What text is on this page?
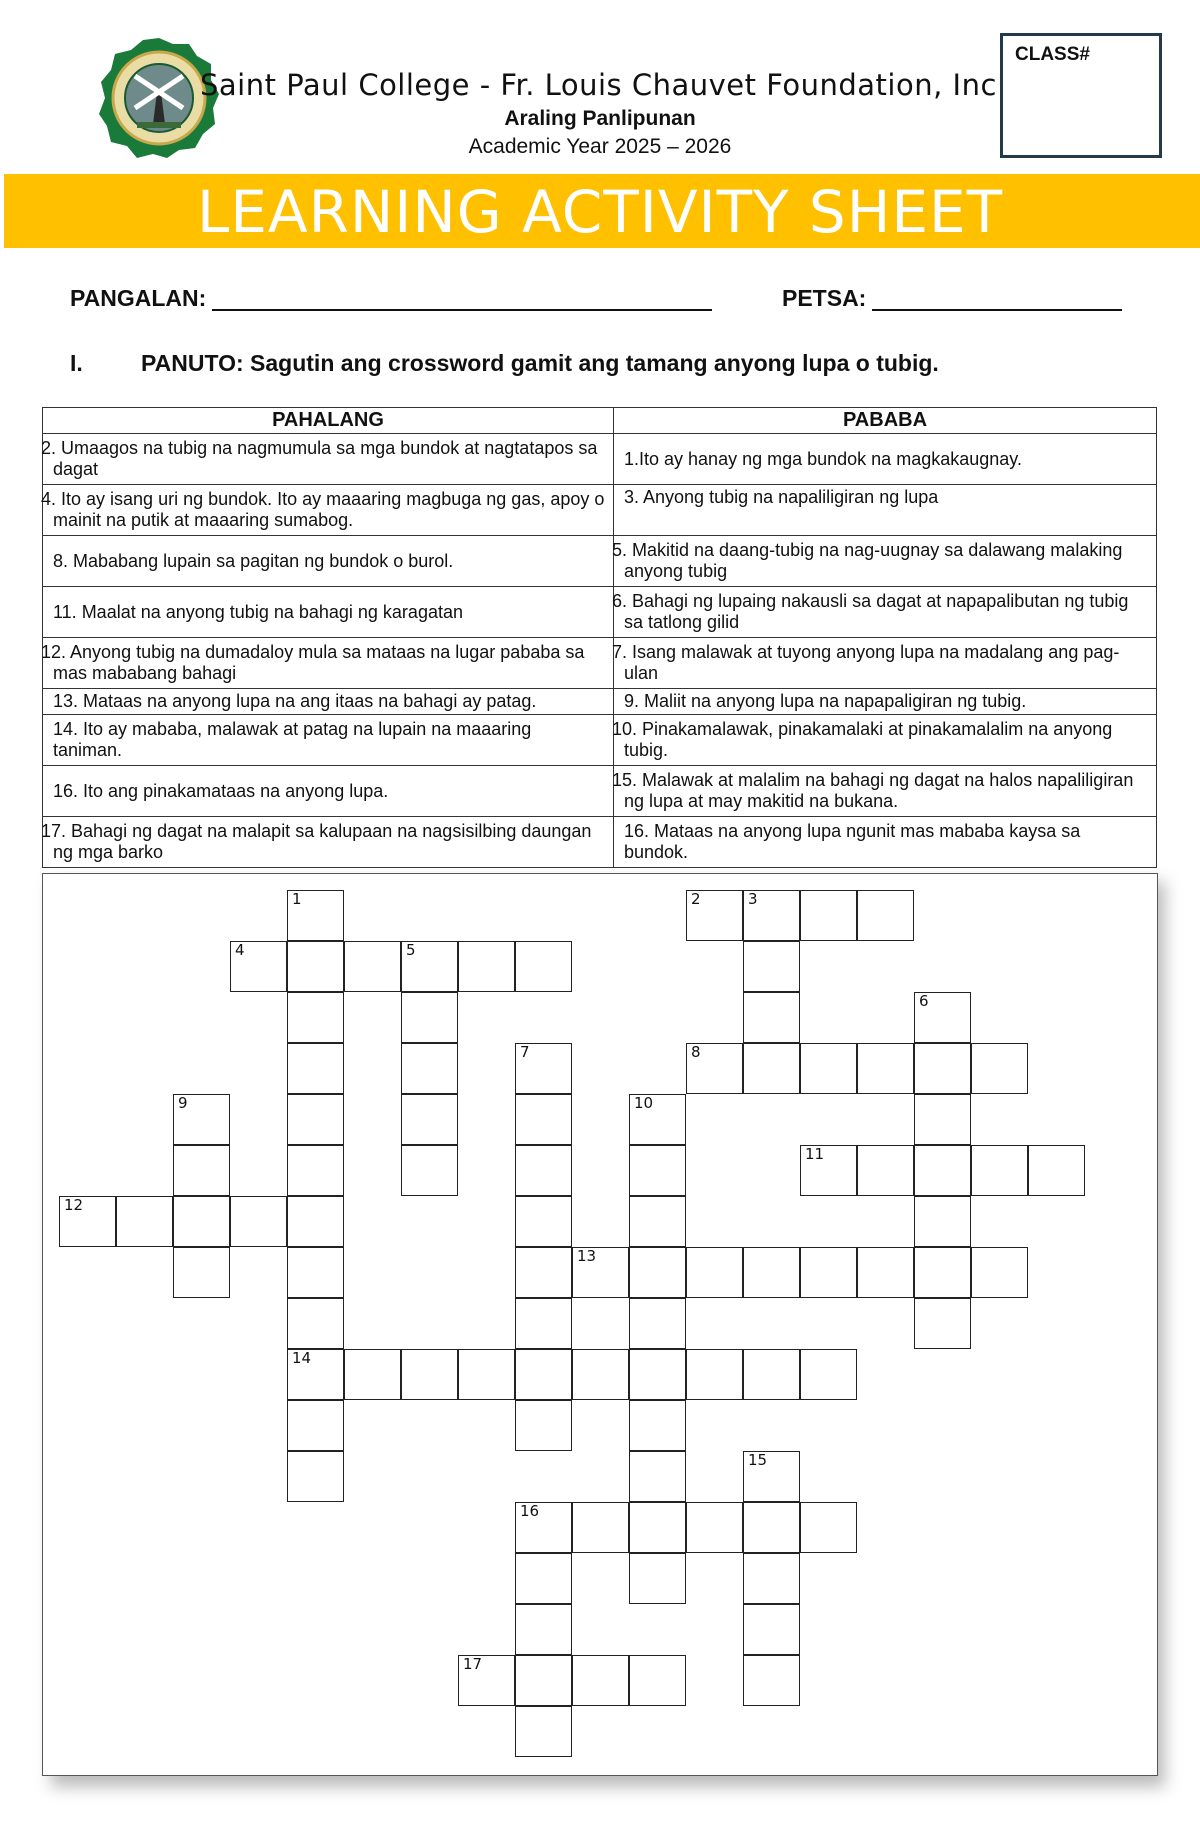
Saint Paul College - Fr. Louis Chauvet Foundation, Inc.
Araling Panlipunan
Academic Year 2025 – 2026
CLASS#
LEARNING ACTIVITY SHEET
PANGALAN:	PETSA:
I.	PANUTO: Sagutin ang crossword gamit ang tamang anyong lupa o tubig.
PAHALANG	PABABA
2. Umaagos na tubig na nagmumula sa mga bundok at nagtatapos sa dagat	1.Ito ay hanay ng mga bundok na magkakaugnay.
4. Ito ay isang uri ng bundok. Ito ay maaaring magbuga ng gas, apoy o mainit na putik at maaaring sumabog.	3. Anyong tubig na napaliligiran ng lupa
8. Mababang lupain sa pagitan ng bundok o burol.	5. Makitid na daang-tubig na nag-uugnay sa dalawang malaking anyong tubig
11. Maalat na anyong tubig na bahagi ng karagatan	6. Bahagi ng lupaing nakausli sa dagat at napapalibutan ng tubig sa tatlong gilid
12. Anyong tubig na dumadaloy mula sa mataas na lugar pababa sa mas mababang bahagi	7. Isang malawak at tuyong anyong lupa na madalang ang pag-ulan
13. Mataas na anyong lupa na ang itaas na bahagi ay patag.	9. Maliit na anyong lupa na napapaligiran ng tubig.
14. Ito ay mababa, malawak at patag na lupain na maaaring taniman.	10. Pinakamalawak, pinakamalaki at pinakamalalim na anyong tubig.
16. Ito ang pinakamataas na anyong lupa.	15. Malawak at malalim na bahagi ng dagat na halos napaliligiran ng lupa at may makitid na bukana.
17. Bahagi ng dagat na malapit sa kalupaan na nagsisilbing daungan ng mga barko	16. Mataas na anyong lupa ngunit mas mababa kaysa sa bundok.
1	2	3
4	5
6
7	8
9	10
11
12
13
14
15
16
17
